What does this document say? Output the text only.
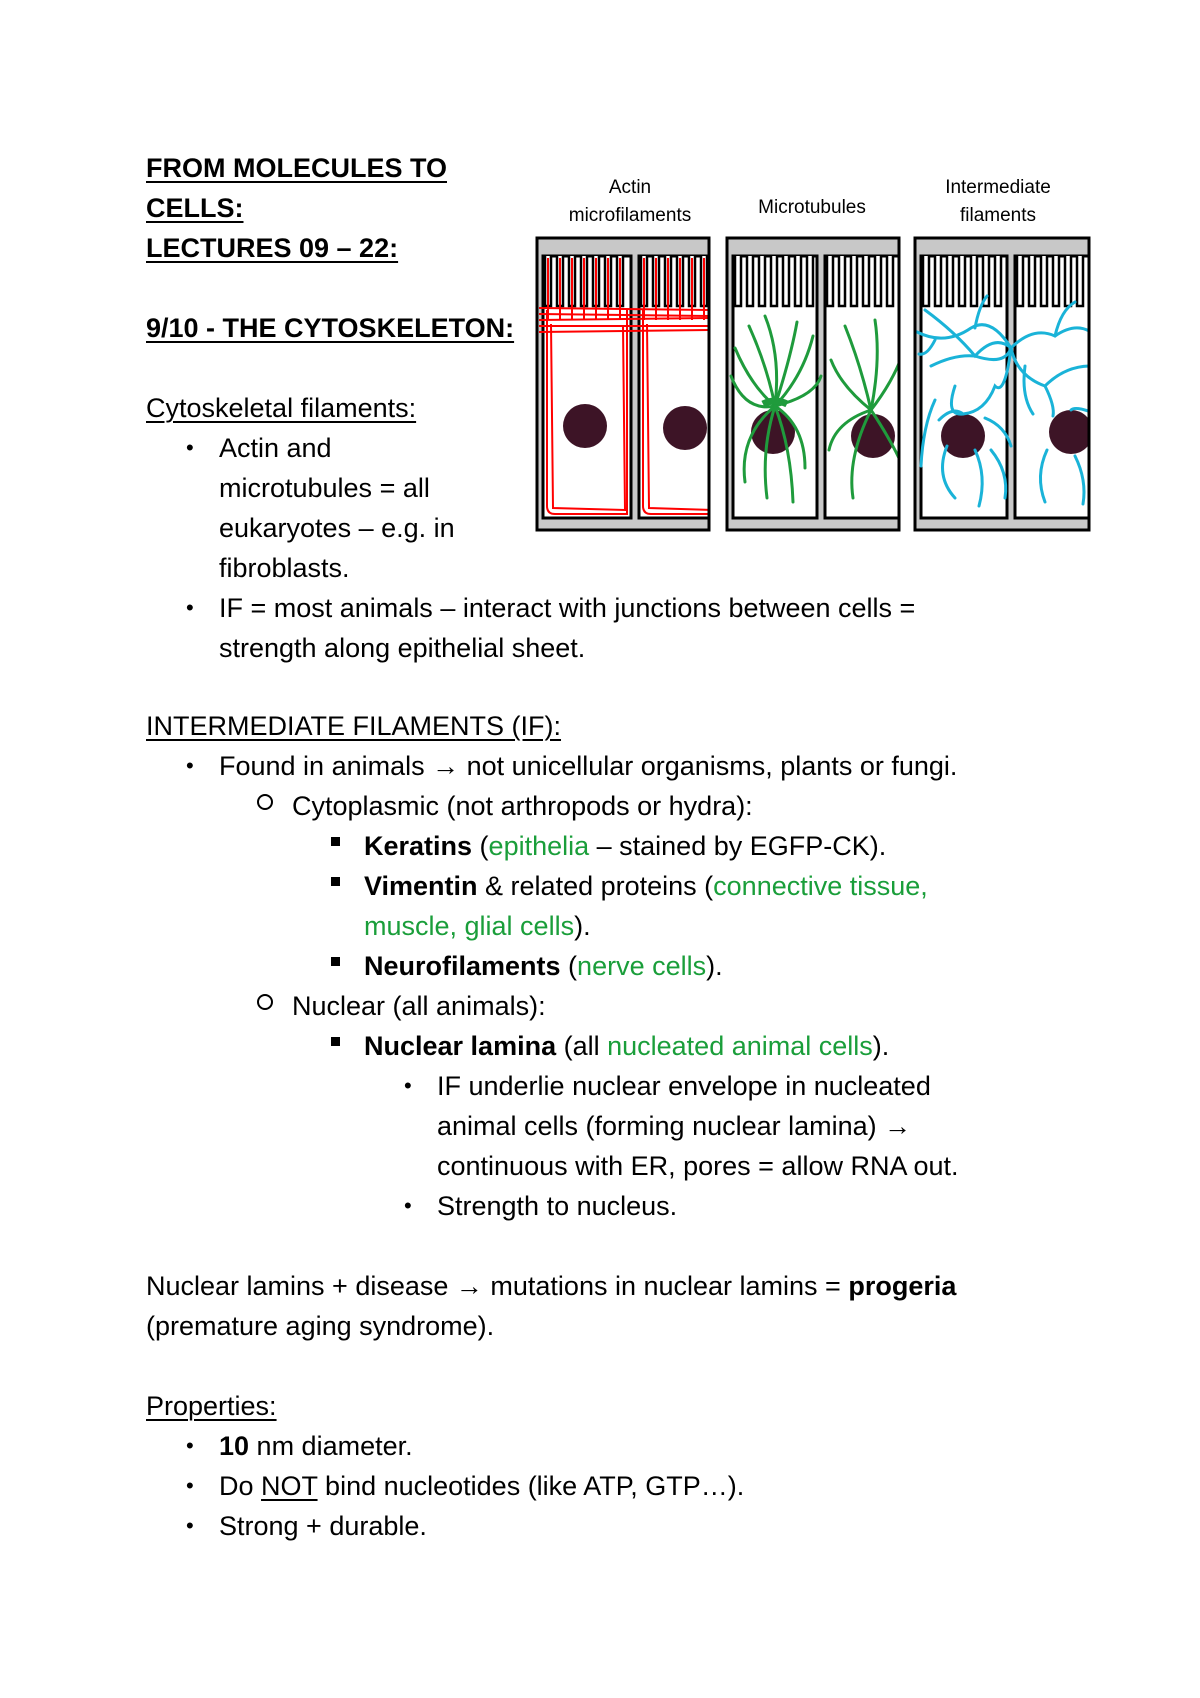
FROM MOLECULES TO
CELLS:
LECTURES 09 – 22:
9/10 - THE CYTOSKELETON:
Cytoskeletal filaments:
• Actin and
microtubules = all
eukaryotes – e.g. in
fibroblasts.
• IF = most animals – interact with junctions between cells =
strength along epithelial sheet.
Actin
microfilaments	Microtubules
Intermediate
filaments
INTERMEDIATE FILAMENTS (IF):
• Found in animals → not unicellular organisms, plants or fungi.
Cytoplasmic (not arthropods or hydra):
Keratins (epithelia – stained by EGFP-CK).
Vimentin & related proteins (connective tissue,
muscle, glial cells).
Neurofilaments (nerve cells).
Nuclear (all animals):
Nuclear lamina (all nucleated animal cells).
• IF underlie nuclear envelope in nucleated
animal cells (forming nuclear lamina) →
continuous with ER, pores = allow RNA out.
• Strength to nucleus.
Nuclear lamins + disease → mutations in nuclear lamins = progeria
(premature aging syndrome).
Properties:
• 10 nm diameter.
• Do NOT bind nucleotides (like ATP, GTP…).
• Strong + durable.
